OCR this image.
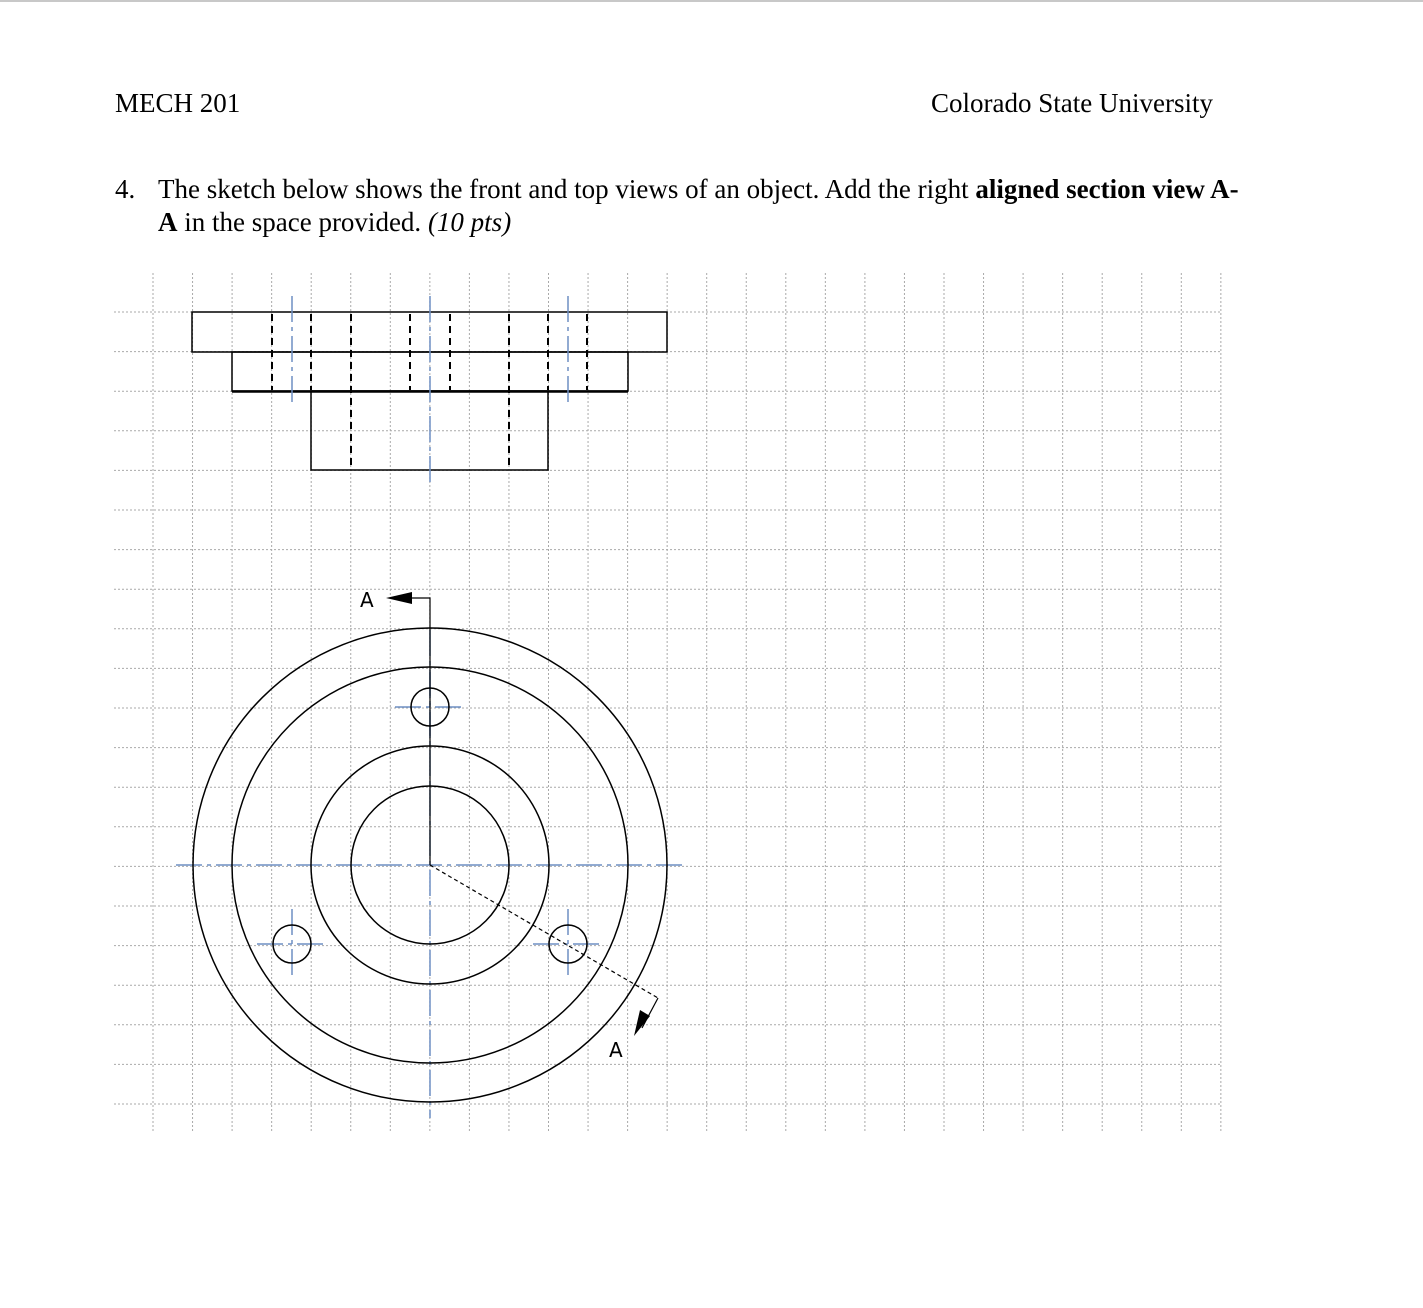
MECH 201	Colorado State University
4. The sketch below shows the front and top views of an object. Add the right aligned section view A-
A in the space provided. (10 pts)
A
A
